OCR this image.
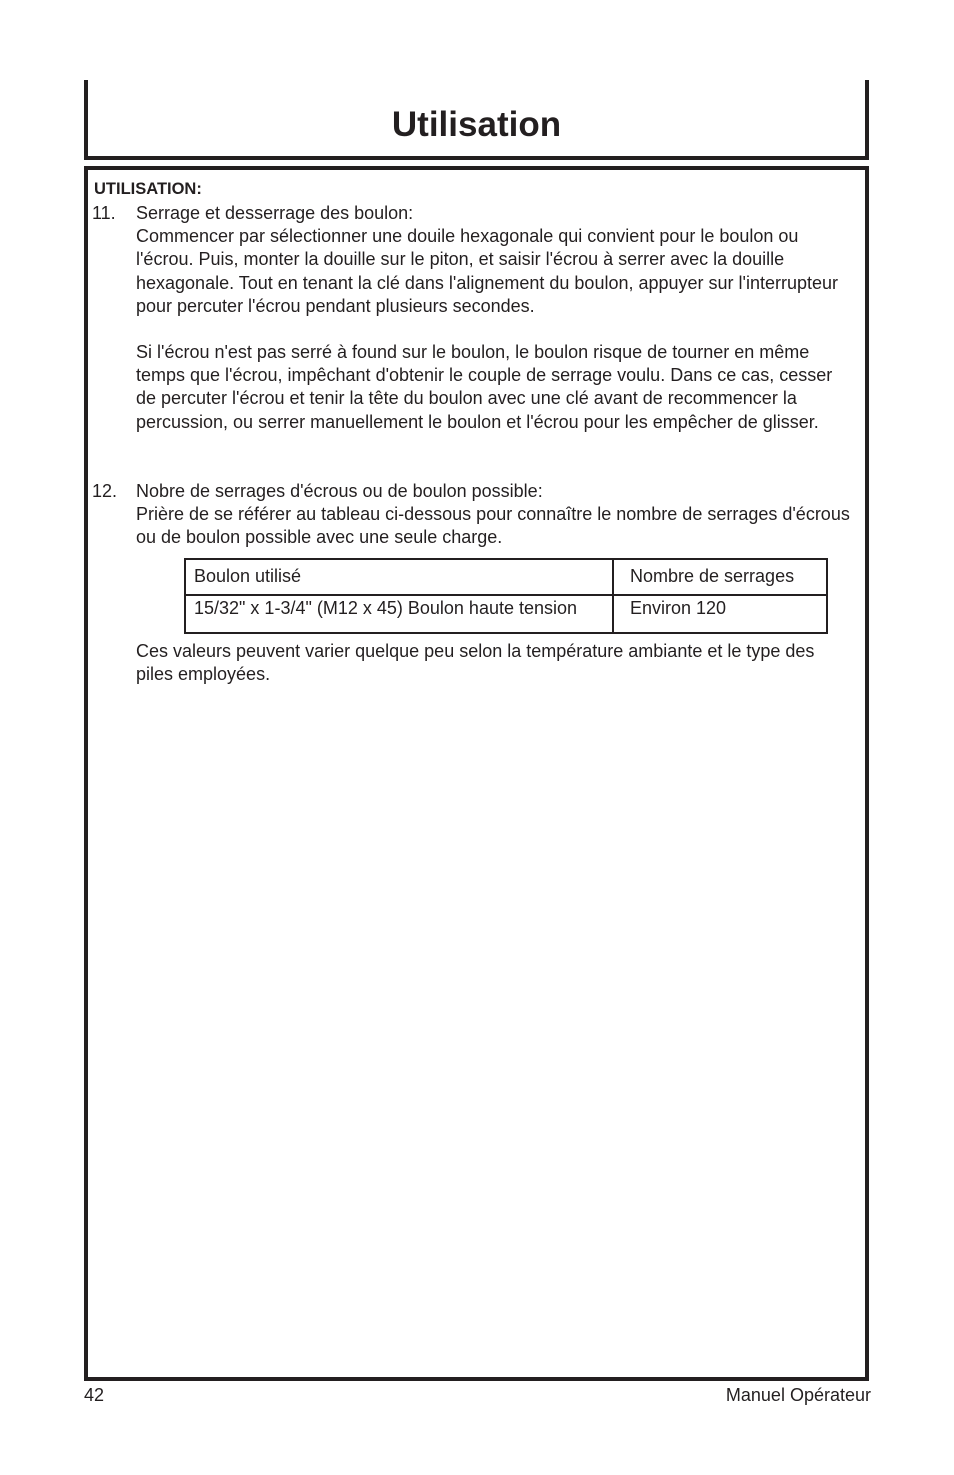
Utilisation

UTILISATION:

11.	Serrage et desserrage des boulon:

Commencer par sélectionner une douile hexagonale qui convient pour le boulon ou l'écrou. Puis, monter la douille sur le piton, et saisir l'écrou à serrer avec la douille hexagonale. Tout en tenant la clé dans l'alignement du boulon, appuyer sur l'interrupteur pour percuter l'écrou pendant plusieurs secondes.

Si l'écrou n'est pas serré à found sur le boulon, le boulon risque de tourner en même temps que l'écrou, impêchant d'obtenir le couple de serrage voulu. Dans ce cas, cesser de percuter l'écrou et tenir la tête du boulon avec une clé avant de recommencer la percussion, ou serrer manuellement le boulon et l'écrou pour les empêcher de glisser.

12.	Nobre de serrages d'écrous ou de boulon possible:

Prière de se référer au tableau ci-dessous pour connaître le nombre de serrages d'écrous ou de boulon possible avec une seule charge.

Boulon utilisé	Nombre de serrages
15/32" x 1-3/4" (M12 x 45) Boulon haute tension	Environ 120

Ces valeurs peuvent varier quelque peu selon la température ambiante et le type des piles employées.

42	Manuel Opérateur
